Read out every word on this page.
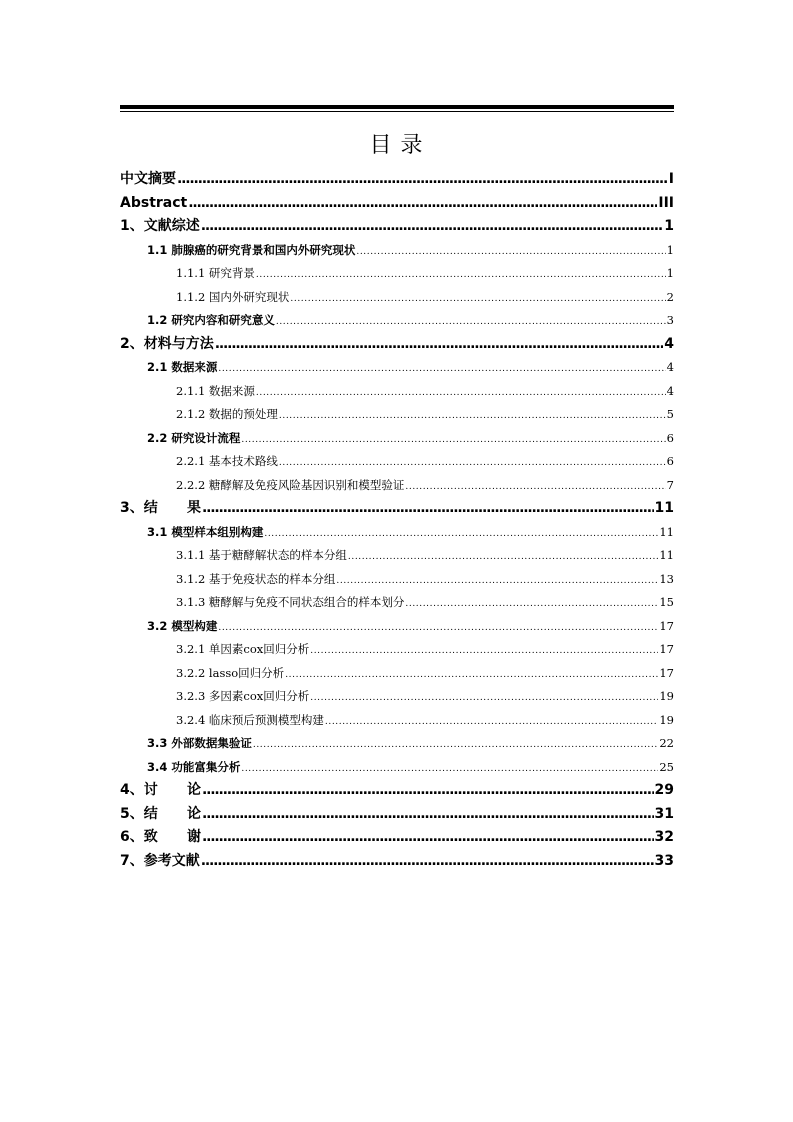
目 录
中文摘要 .....	I
Abstract .....	III
1、文献综述 .....	1
1.1 肺腺癌的研究背景和国内外研究现状 .....	1
1.1.1 研究背景 .....	1
1.1.2 国内外研究现状 .....	2
1.2 研究内容和研究意义 .....	3
2、材料与方法 .....	4
2.1 数据来源 .....	4
2.1.1 数据来源 .....	4
2.1.2 数据的预处理 .....	5
2.2 研究设计流程 .....	6
2.2.1 基本技术路线 .....	6
2.2.2 糖酵解及免疫风险基因识别和模型验证 .....	7
3、结      果 .....	11
3.1 模型样本组别构建 .....	11
3.1.1 基于糖酵解状态的样本分组 .....	11
3.1.2 基于免疫状态的样本分组 .....	13
3.1.3 糖酵解与免疫不同状态组合的样本划分 .....	15
3.2 模型构建 .....	17
3.2.1 单因素cox回归分析 .....	17
3.2.2 lasso回归分析 .....	17
3.2.3 多因素cox回归分析 .....	19
3.2.4 临床预后预测模型构建 .....	19
3.3 外部数据集验证 .....	22
3.4 功能富集分析 .....	25
4、讨      论 .....	29
5、结      论 .....	31
6、致      谢 .....	32
7、参考文献 .....	33
